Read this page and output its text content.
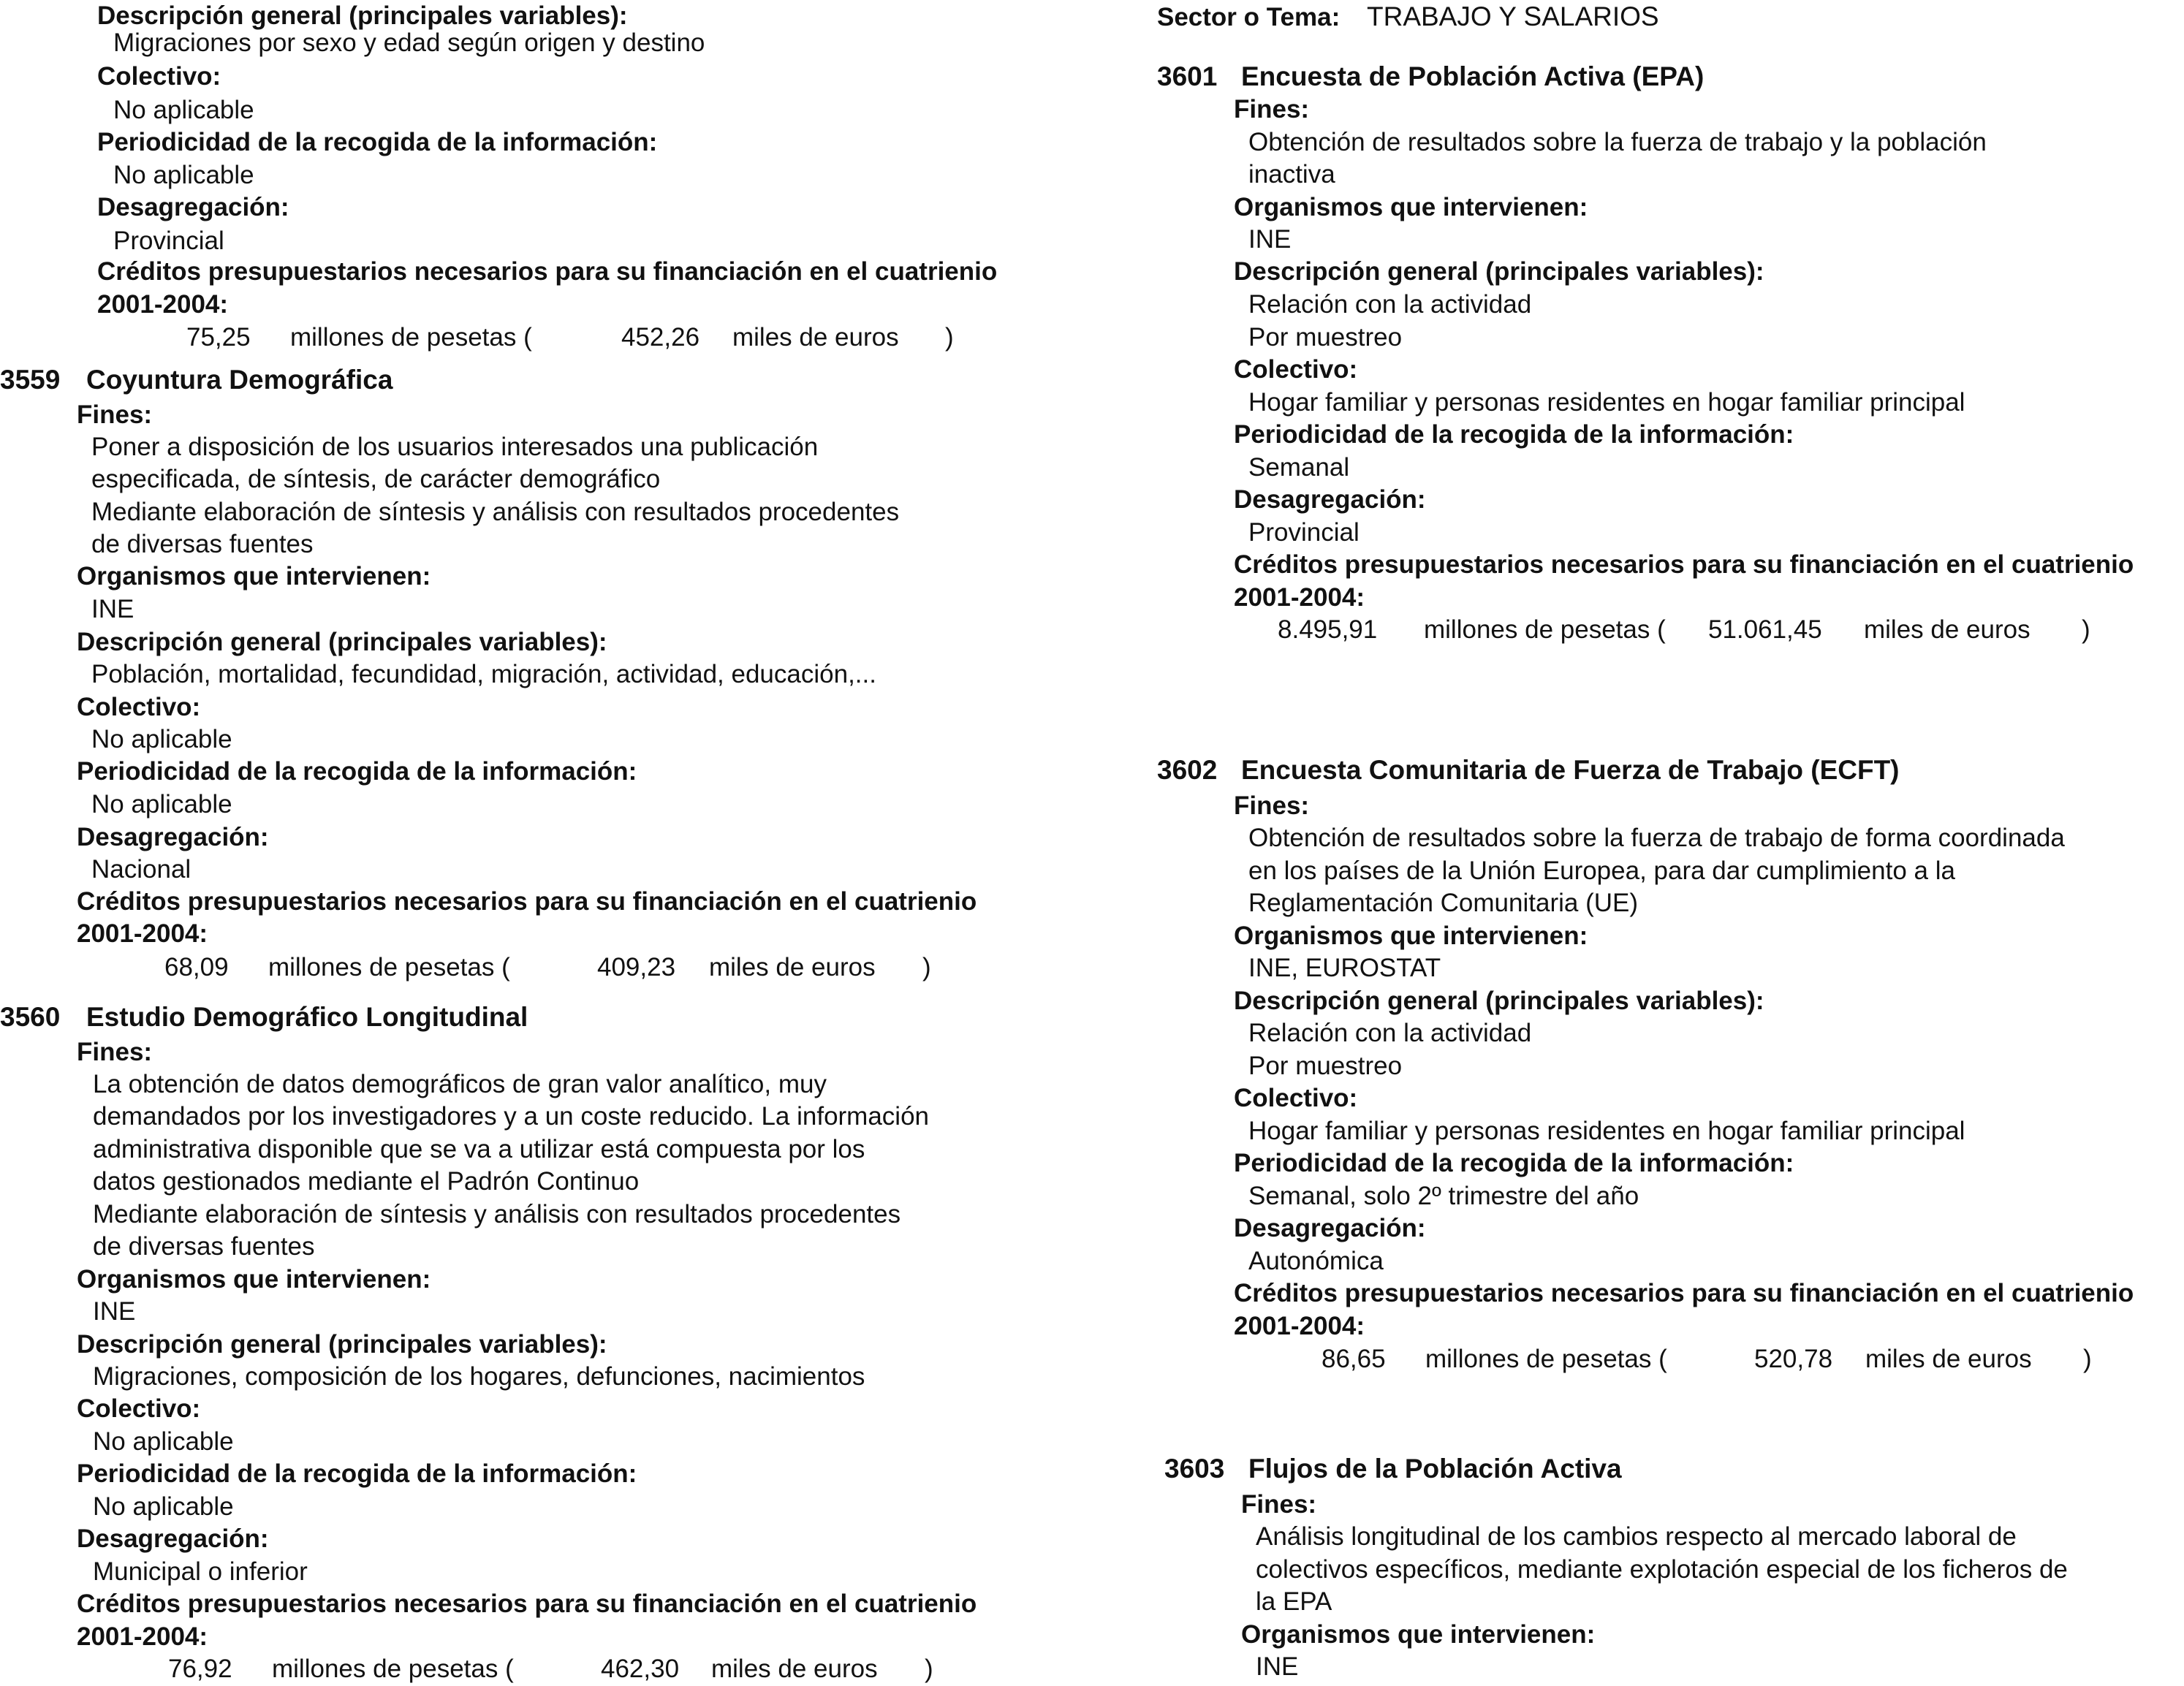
Descripción general (principales variables):
Migraciones por sexo y edad según origen y destino
Colectivo:
No aplicable
Periodicidad de la recogida de la información:
No aplicable
Desagregación:
Provincial
Créditos presupuestarios necesarios para su financiación en el cuatrienio
2001-2004:
75,25 millones de pesetas (	452,26 miles de euros )
3559 Coyuntura Demográfica
Fines:
Poner a disposición de los usuarios interesados una publicación
especificada, de síntesis, de carácter demográfico
Mediante elaboración de síntesis y análisis con resultados procedentes
de diversas fuentes
Organismos que intervienen:
INE
Descripción general (principales variables):
Población, mortalidad, fecundidad, migración, actividad, educación,...
Colectivo:
No aplicable
Periodicidad de la recogida de la información:
No aplicable
Desagregación:
Nacional
Créditos presupuestarios necesarios para su financiación en el cuatrienio
2001-2004:
68,09 millones de pesetas (	409,23 miles de euros )
3560 Estudio Demográfico Longitudinal
Fines:
La obtención de datos demográficos de gran valor analítico, muy
demandados por los investigadores y a un coste reducido. La información
administrativa disponible que se va a utilizar está compuesta por los
datos gestionados mediante el Padrón Continuo
Mediante elaboración de síntesis y análisis con resultados procedentes
de diversas fuentes
Organismos que intervienen:
INE
Descripción general (principales variables):
Migraciones, composición de los hogares, defunciones, nacimientos
Colectivo:
No aplicable
Periodicidad de la recogida de la información:
No aplicable
Desagregación:
Municipal o inferior
Créditos presupuestarios necesarios para su financiación en el cuatrienio
2001-2004:
76,92 millones de pesetas (	462,30 miles de euros )
Sector o Tema: TRABAJO Y SALARIOS
3601 Encuesta de Población Activa (EPA)
Fines:
Obtención de resultados sobre la fuerza de trabajo y la población
inactiva
Organismos que intervienen:
INE
Descripción general (principales variables):
Relación con la actividad
Por muestreo
Colectivo:
Hogar familiar y personas residentes en hogar familiar principal
Periodicidad de la recogida de la información:
Semanal
Desagregación:
Provincial
Créditos presupuestarios necesarios para su financiación en el cuatrienio
2001-2004:
8.495,91 millones de pesetas ( 51.061,45 miles de euros )
3602 Encuesta Comunitaria de Fuerza de Trabajo (ECFT)
Fines:
Obtención de resultados sobre la fuerza de trabajo de forma coordinada
en los países de la Unión Europea, para dar cumplimiento a la
Reglamentación Comunitaria (UE)
Organismos que intervienen:
INE, EUROSTAT
Descripción general (principales variables):
Relación con la actividad
Por muestreo
Colectivo:
Hogar familiar y personas residentes en hogar familiar principal
Periodicidad de la recogida de la información:
Semanal, solo 2º trimestre del año
Desagregación:
Autonómica
Créditos presupuestarios necesarios para su financiación en el cuatrienio
2001-2004:
86,65 millones de pesetas (	520,78 miles de euros )
3603 Flujos de la Población Activa
Fines:
Análisis longitudinal de los cambios respecto al mercado laboral de
colectivos específicos, mediante explotación especial de los ficheros de
la EPA
Organismos que intervienen:
INE
